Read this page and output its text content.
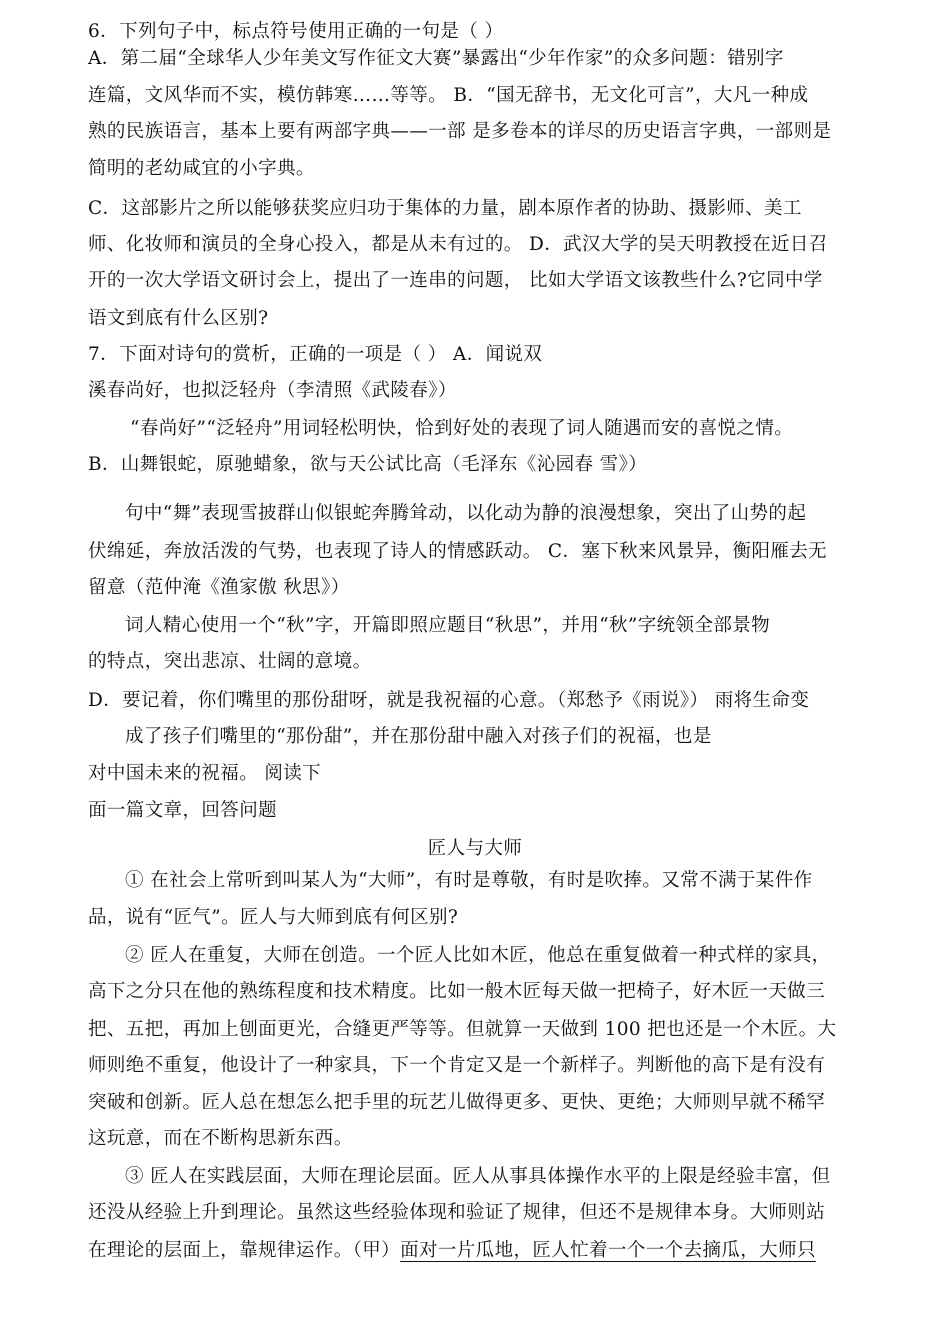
6．下列句子中，标点符号使用正确的一句是（ ）
A．第二届“全球华人少年美文写作征文大赛”暴露出“少年作家”的众多问题：错别字
连篇，文风华而不实，模仿韩寒……等等。 B．“国无辞书，无文化可言”，大凡一种成
熟的民族语言，基本上要有两部字典——一部 是多卷本的详尽的历史语言字典，一部则是
简明的老幼咸宜的小字典。
C．这部影片之所以能够获奖应归功于集体的力量，剧本原作者的协助、摄影师、美工
师、化妆师和演员的全身心投入，都是从未有过的。 D．武汉大学的吴天明教授在近日召
开的一次大学语文研讨会上，提出了一连串的问题， 比如大学语文该教些什么?它同中学
语文到底有什么区别?
7．下面对诗句的赏析，正确的一项是（ ） A．闻说双
溪春尚好，也拟泛轻舟（李清照《武陵春》）
“春尚好”“泛轻舟”用词轻松明快，恰到好处的表现了词人随遇而安的喜悦之情。
B．山舞银蛇，原驰蜡象，欲与天公试比高（毛泽东《沁园春 雪》）
句中“舞”表现雪披群山似银蛇奔腾耸动，以化动为静的浪漫想象，突出了山势的起
伏绵延，奔放活泼的气势，也表现了诗人的情感跃动。 C．塞下秋来风景异，衡阳雁去无
留意（范仲淹《渔家傲 秋思》）
词人精心使用一个“秋”字，开篇即照应题目“秋思”，并用“秋”字统领全部景物
的特点，突出悲凉、壮阔的意境。
D．要记着，你们嘴里的那份甜呀，就是我祝福的心意。（郑愁予《雨说》） 雨将生命变
成了孩子们嘴里的“那份甜”，并在那份甜中融入对孩子们的祝福，也是
对中国未来的祝福。 阅读下
面一篇文章，回答问题
匠人与大师
① 在社会上常听到叫某人为“大师”，有时是尊敬，有时是吹捧。又常不满于某件作
品，说有“匠气”。匠人与大师到底有何区别?
② 匠人在重复，大师在创造。一个匠人比如木匠，他总在重复做着一种式样的家具，
高下之分只在他的熟练程度和技术精度。比如一般木匠每天做一把椅子，好木匠一天做三
把、五把，再加上刨面更光，合缝更严等等。但就算一天做到 100 把也还是一个木匠。大
师则绝不重复，他设计了一种家具，下一个肯定又是一个新样子。判断他的高下是有没有
突破和创新。匠人总在想怎么把手里的玩艺儿做得更多、更快、更绝；大师则早就不稀罕
这玩意，而在不断构思新东西。
③ 匠人在实践层面，大师在理论层面。匠人从事具体操作水平的上限是经验丰富，但
还没从经验上升到理论。虽然这些经验体现和验证了规律，但还不是规律本身。大师则站
在理论的层面上，靠规律运作。（甲）面对一片瓜地，匠人忙着一个一个去摘瓜，大师只
